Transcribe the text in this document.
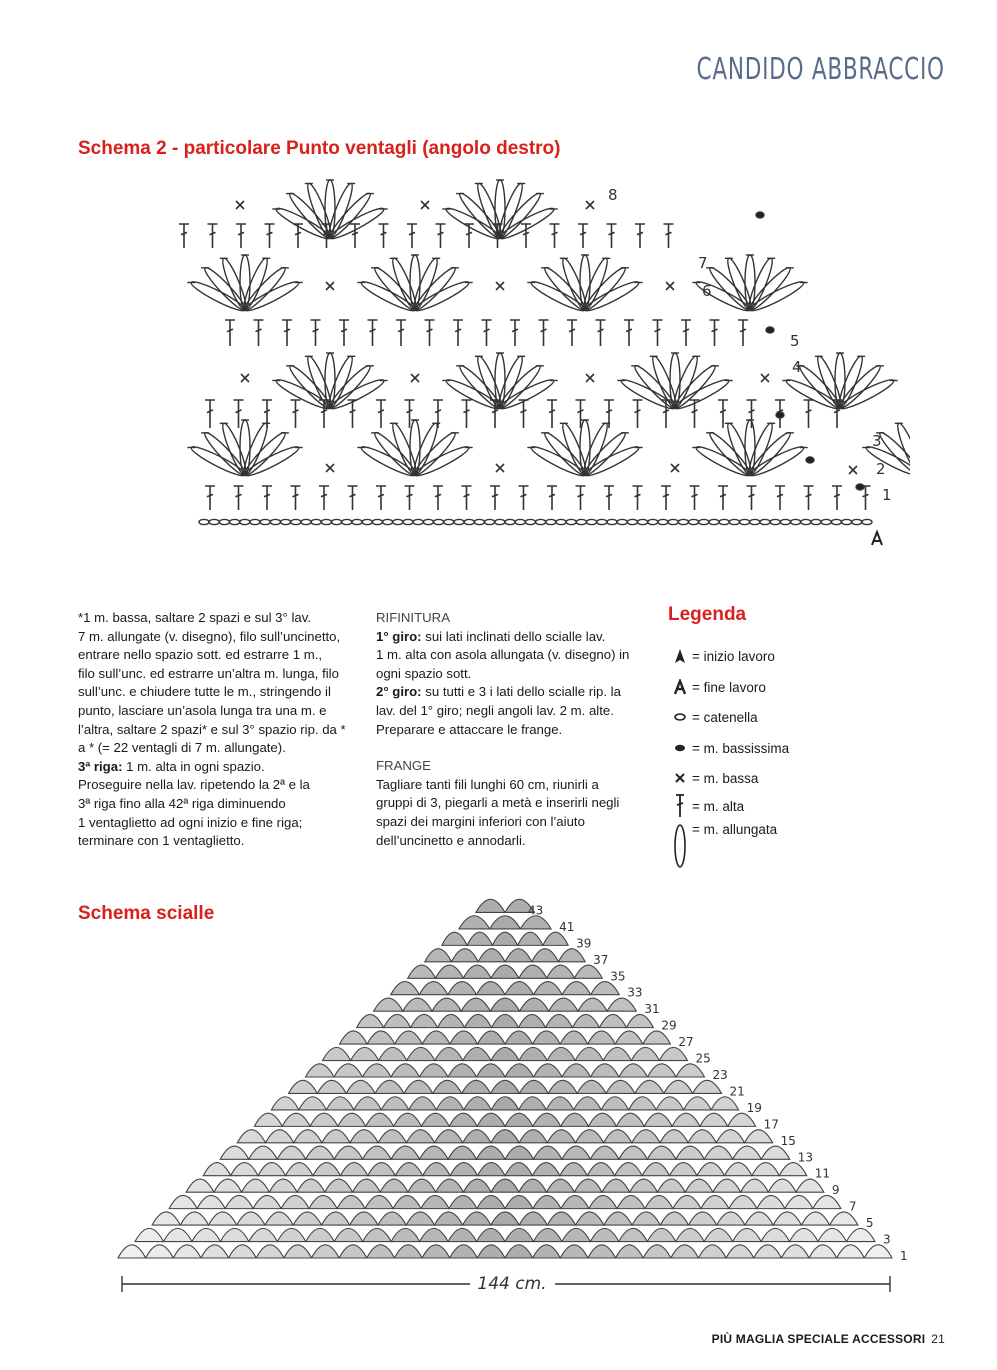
CANDIDO ABBRACCIO
Schema 2 - particolare Punto ventagli (angolo destro)
1
2
3
4
5
6
7
8

*1 m. bassa, saltare 2 spazi e sul 3° lav.

7 m. allungate (v. disegno), filo sull’uncinetto,

entrare nello spazio sott. ed estrarre 1 m.,

filo sull’unc. ed estrarre un’altra m. lunga, filo

sull’unc. e chiudere tutte le m., stringendo il

punto, lasciare un’asola lunga tra una m. e

l’altra, saltare 2 spazi* e sul 3° spazio rip. da *

a * (= 22 ventagli di 7 m. allungate).

3ª riga: 1 m. alta in ogni spazio.

Proseguire nella lav. ripetendo la 2ª e la

3ª riga fino alla 42ª riga diminuendo

1 ventaglietto ad ogni inizio e fine riga;

terminare con 1 ventaglietto.

RIFINITURA

1° giro: sui lati inclinati dello scialle lav.

1 m. alta con asola allungata (v. disegno) in

ogni spazio sott.

2° giro: su tutti e 3 i lati dello scialle rip. la

lav. del 1° giro; negli angoli lav. 2 m. alte.

Preparare e attaccare le frange.

FRANGE

Tagliare tanti fili lunghi 60 cm, riunirli a

gruppi di 3, piegarli a metà e inserirli negli

spazi dei margini inferiori con l’aiuto

dell’uncinetto e annodarli.

Legenda
= inizio lavoro
= fine lavoro
= catenella
= m. bassissima
= m. bassa
= m. alta
= m. allungata
Schema scialle	43
41
39
37
35
33
31
29
27
25
23
21
19
17
15
13
11
9
7
5
3
1
144 cm.
PIÙ MAGLIA SPECIALE ACCESSORI 21
